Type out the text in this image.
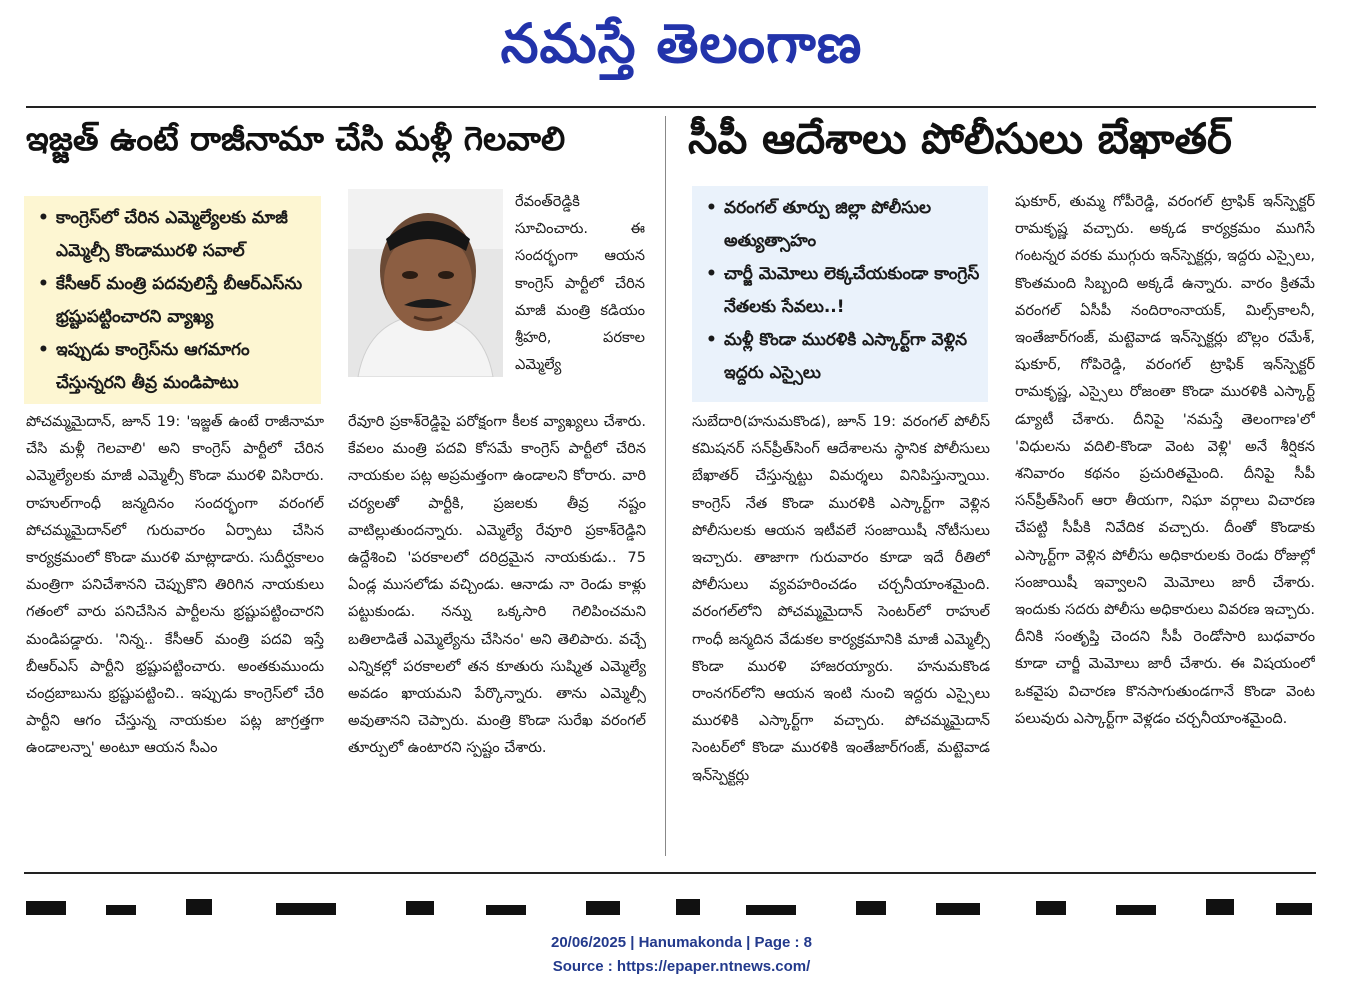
నమస్తే తెలంగాణ
ఇజ్జత్ ఉంటే రాజీనామా చేసి మళ్లీ గెలవాలి
• కాంగ్రెస్‌లో చేరిన ఎమ్మెల్యేలకు మాజీ ఎమ్మెల్సీ కొండామురళి సవాల్
• కేసీఆర్ మంత్రి పదవులిస్తే బీఆర్‌ఎస్‌ను భ్రష్టుపట్టించారని వ్యాఖ్య
• ఇప్పుడు కాంగ్రెస్‌ను ఆగమాగం చేస్తున్నరని తీవ్ర మండిపాటు

పోచమ్మమైదాన్, జూన్ 19: 'ఇజ్జత్ ఉంటే రాజీనామా చేసి మళ్లీ గెలవాలి' అని కాంగ్రెస్ పార్టీలో చేరిన ఎమ్మెల్యేలకు మాజీ ఎమ్మెల్సీ కొండా మురళి విసిరారు. రాహుల్‌గాంధీ జన్మదినం సందర్భంగా వరంగల్ పోచమ్మమైదాన్‌లో గురువారం ఏర్పాటు చేసిన కార్యక్రమంలో కొండా మురళి మాట్లాడారు. సుదీర్ఘకాలం మంత్రిగా పనిచేశానని చెప్పుకొని తిరిగిన నాయకులు గతంలో వారు పనిచేసిన పార్టీలను భ్రష్టుపట్టించారని మండిపడ్డారు. 'నిన్న.. కేసీఆర్ మంత్రి పదవి ఇస్తే బీఆర్‌ఎస్ పార్టీని భ్రష్టుపట్టించారు. అంతకుముందు చంద్రబాబును భ్రష్టుపట్టించి.. ఇప్పుడు కాంగ్రెస్‌లో చేరి పార్టీని ఆగం చేస్తున్న నాయకుల పట్ల జాగ్రత్తగా ఉండాలన్నా' అంటూ ఆయన సీఎం

రేవంత్‌రెడ్డికి సూచించారు. ఈ సందర్భంగా ఆయన కాంగ్రెస్ పార్టీలో చేరిన మాజీ మంత్రి కడియం శ్రీహరి, పరకాల ఎమ్మెల్యే

రేవూరి ప్రకాశ్‌రెడ్డిపై పరోక్షంగా కీలక వ్యాఖ్యలు చేశారు. కేవలం మంత్రి పదవి కోసమే కాంగ్రెస్ పార్టీలో చేరిన నాయకుల పట్ల అప్రమత్తంగా ఉండాలని కోరారు. వారి చర్యలతో పార్టీకి, ప్రజలకు తీవ్ర నష్టం వాటిల్లుతుందన్నారు. ఎమ్మెల్యే రేవూరి ప్రకాశ్‌రెడ్డిని ఉద్దేశించి 'పరకాలలో దరిద్రమైన నాయకుడు.. 75 ఏండ్ల ముసలోడు వచ్చిండు. ఆనాడు నా రెండు కాళ్లు పట్టుకుండు. నన్ను ఒక్కసారి గెలిపించమని బతిలాడితే ఎమ్మెల్యేను చేసినం' అని తెలిపారు. వచ్చే ఎన్నికల్లో పరకాలలో తన కూతురు సుష్మిత ఎమ్మెల్యే అవడం ఖాయమని పేర్కొన్నారు. తాను ఎమ్మెల్సీ అవుతానని చెప్పారు. మంత్రి కొండా సురేఖ వరంగల్ తూర్పులో ఉంటారని స్పష్టం చేశారు.

సీపీ ఆదేశాలు పోలీసులు బేఖాతర్
• వరంగల్ తూర్పు జిల్లా పోలీసుల అత్యుత్సాహం
• చార్జీ మెమోలు లెక్కచేయకుండా కాంగ్రెస్ నేతలకు సేవలు..!
• మళ్లీ కొండా మురళికి ఎస్కార్ట్‌గా వెళ్లిన ఇద్దరు ఎస్సైలు

సుబేదారి(హనుమకొండ), జూన్ 19: వరంగల్ పోలీస్ కమిషనర్ సన్‌ప్రీత్‌సింగ్ ఆదేశాలను స్థానిక పోలీసులు బేఖాతర్ చేస్తున్నట్టు విమర్శలు వినిపిస్తున్నాయి. కాంగ్రెస్ నేత కొండా మురళికి ఎస్కార్ట్‌గా వెళ్లిన పోలీసులకు ఆయన ఇటీవలే సంజాయిషీ నోటీసులు ఇచ్చారు. తాజాగా గురువారం కూడా ఇదే రీతిలో పోలీసులు వ్యవహరించడం చర్చనీయాంశమైంది. వరంగల్‌లోని పోచమ్మమైదాన్ సెంటర్‌లో రాహుల్ గాంధీ జన్మదిన వేడుకల కార్యక్రమానికి మాజీ ఎమ్మెల్సీ కొండా మురళి హాజరయ్యారు. హనుమకొండ రాంనగర్‌లోని ఆయన ఇంటి నుంచి ఇద్దరు ఎస్సైలు మురళికి ఎస్కార్ట్‌గా వచ్చారు. పోచమ్మమైదాన్ సెంటర్‌లో కొండా మురళికి ఇంతేజార్‌గంజ్, మట్టెవాడ ఇన్‌స్పెక్టర్లు

షుకూర్, తుమ్మ గోపీరెడ్డి, వరంగల్ ట్రాఫిక్ ఇన్‌స్పెక్టర్ రామకృష్ణ వచ్చారు. అక్కడ కార్యక్రమం ముగిసే గంటన్నర వరకు ముగ్గురు ఇన్‌స్పెక్టర్లు, ఇద్దరు ఎస్సైలు, కొంతమంది సిబ్బంది అక్కడే ఉన్నారు. వారం క్రితమే వరంగల్ ఏసీపీ నందిరాంనాయక్, మిల్స్‌కాలనీ, ఇంతేజార్‌గంజ్, మట్టెవాడ ఇన్‌స్పెక్టర్లు బొల్లం రమేశ్, షుకూర్, గోపిరెడ్డి, వరంగల్ ట్రాఫిక్ ఇన్‌స్పెక్టర్ రామకృష్ణ, ఎస్సైలు రోజంతా కొండా మురళికి ఎస్కార్ట్ డ్యూటీ చేశారు. దీనిపై 'నమస్తే తెలంగాణ'లో 'విధులను వదిలి-కొండా వెంట వెళ్లి' అనే శీర్షికన శనివారం కథనం ప్రచురితమైంది. దీనిపై సీపీ సన్‌ప్రీత్‌సింగ్ ఆరా తీయగా, నిఘా వర్గాలు విచారణ చేపట్టి సీపీకి నివేదిక వచ్చారు. దీంతో కొండాకు ఎస్కార్ట్‌గా వెళ్లిన పోలీసు అధికారులకు రెండు రోజుల్లో సంజాయిషీ ఇవ్వాలని మెమోలు జారీ చేశారు. ఇందుకు సదరు పోలీసు అధికారులు వివరణ ఇచ్చారు. దీనికి సంతృప్తి చెందని సీపీ రెండోసారి బుధవారం కూడా చార్జీ మెమోలు జారీ చేశారు. ఈ విషయంలో ఒకవైపు విచారణ కొనసాగుతుండగానే కొండా వెంట పలువురు ఎస్కార్ట్‌గా వెళ్లడం చర్చనీయాంశమైంది.

20/06/2025 | Hanumakonda | Page : 8
Source : https://epaper.ntnews.com/
